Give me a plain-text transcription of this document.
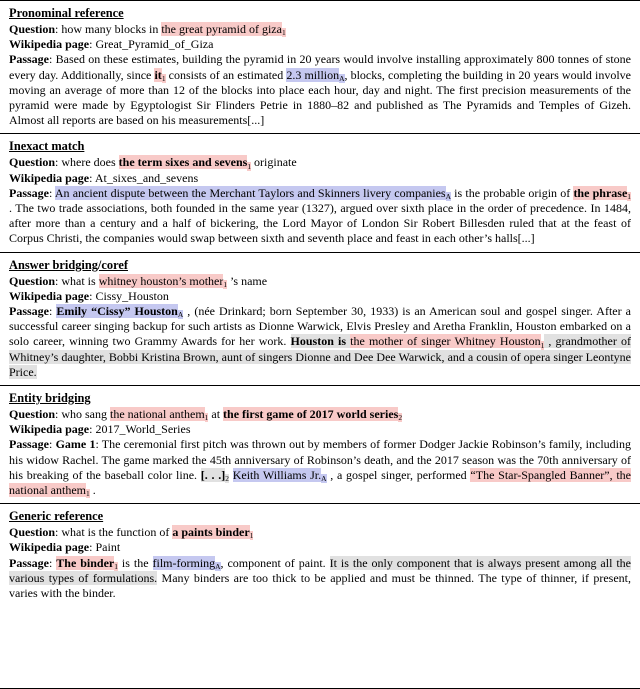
Pronominal reference
Question: how many blocks in the great pyramid of giza$_1$
Wikipedia page: Great_Pyramid_of_Giza
Passage: Based on these estimates, building the pyramid in 20 years would involve installing approximately 800 tonnes of stone every day. Additionally, since $it_1$ consists of an estimated 2.3 million$_A$, blocks, completing the building in 20 years would involve moving an average of more than 12 of the blocks into place each hour, day and night. The first precision measurements of the pyramid were made by Egyptologist Sir Flinders Petrie in 1880–82 and published as The Pyramids and Temples of Gizeh. Almost all reports are based on his measurements[...]
Inexact match
Question: where does the term sixes and sevens$_1$ originate
Wikipedia page: At_sixes_and_sevens
Passage: An ancient dispute between the Merchant Taylors and Skinners livery companies$_A$ is the probable origin of the phrase$_1$ . The two trade associations, both founded in the same year (1327), argued over sixth place in the order of precedence. In 1484, after more than a century and a half of bickering, the Lord Mayor of London Sir Robert Billesden ruled that at the feast of Corpus Christi, the companies would swap between sixth and seventh place and feast in each other’s halls[...]
Answer bridging/coref
Question: what is whitney houston’s mother$_1$ ’s name
Wikipedia page: Cissy_Houston
Passage: Emily “Cissy” Houston$_A$ , (née Drinkard; born September 30, 1933) is an American soul and gospel singer. After a successful career singing backup for such artists as Dionne Warwick, Elvis Presley and Aretha Franklin, Houston embarked on a solo career, winning two Grammy Awards for her work. Houston is the mother of singer Whitney Houston$_1$ , grandmother of Whitney’s daughter, Bobbi Kristina Brown, aunt of singers Dionne and Dee Dee Warwick, and a cousin of opera singer Leontyne Price.
Entity bridging
Question: who sang the national anthem$_1$ at the first game of 2017 world series$_2$
Wikipedia page: 2017_World_Series
Passage: Game 1: The ceremonial first pitch was thrown out by members of former Dodger Jackie Robinson’s family, including his widow Rachel. The game marked the 45th anniversary of Robinson’s death, and the 2017 season was the 70th anniversary of his breaking of the baseball color line. [. . $.]_2$ Keith Williams $Jr._A$ , a gospel singer, performed “The Star-Spangled Banner”, the national anthem$_1$ .
Generic reference
Question: what is the function of a paints binder$_1$
Wikipedia page: Paint
Passage: The binder$_1$ is the film-forming$_A$, component of paint. It is the only component that is always present among all the various types of formulations. Many binders are too thick to be applied and must be thinned. The type of thinner, if present, varies with the binder.
